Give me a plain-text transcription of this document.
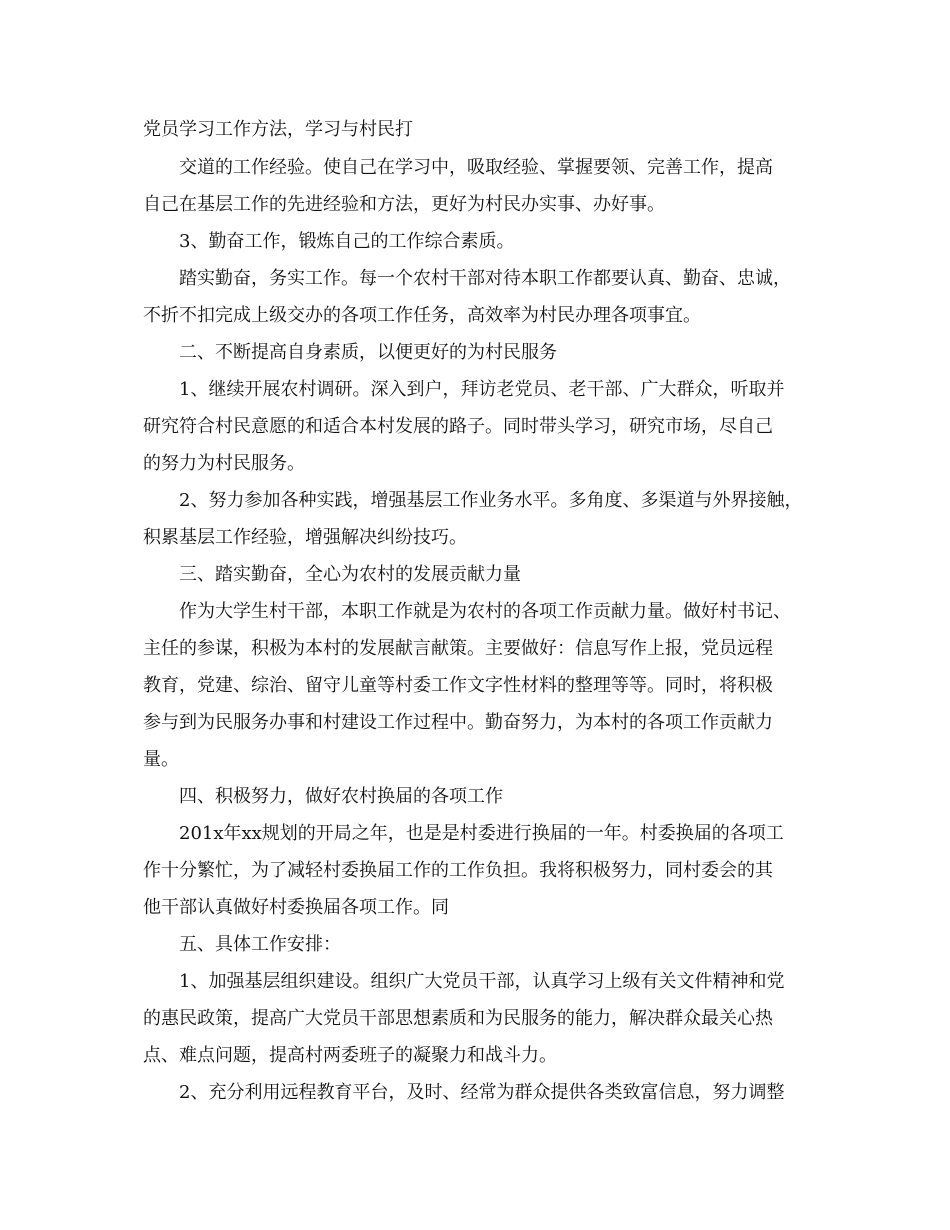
党员学习工作方法，学习与村民打
交道的工作经验。使自己在学习中，吸取经验、掌握要领、完善工作，提高
自己在基层工作的先进经验和方法，更好为村民办实事、办好事。
3、勤奋工作，锻炼自己的工作综合素质。
踏实勤奋，务实工作。每一个农村干部对待本职工作都要认真、勤奋、忠诚，
不折不扣完成上级交办的各项工作任务，高效率为村民办理各项事宜。
二、不断提高自身素质，以便更好的为村民服务
1、继续开展农村调研。深入到户，拜访老党员、老干部、广大群众，听取并
研究符合村民意愿的和适合本村发展的路子。同时带头学习，研究市场，尽自己
的努力为村民服务。
2、努力参加各种实践，增强基层工作业务水平。多角度、多渠道与外界接触，
积累基层工作经验，增强解决纠纷技巧。
三、踏实勤奋，全心为农村的发展贡献力量
作为大学生村干部，本职工作就是为农村的各项工作贡献力量。做好村书记、
主任的参谋，积极为本村的发展献言献策。主要做好：信息写作上报，党员远程
教育，党建、综治、留守儿童等村委工作文字性材料的整理等等。同时，将积极
参与到为民服务办事和村建设工作过程中。勤奋努力，为本村的各项工作贡献力
量。
四、积极努力，做好农村换届的各项工作
201x年xx规划的开局之年，也是是村委进行换届的一年。村委换届的各项工
作十分繁忙，为了减轻村委换届工作的工作负担。我将积极努力，同村委会的其
他干部认真做好村委换届各项工作。同
五、具体工作安排：
1、加强基层组织建设。组织广大党员干部，认真学习上级有关文件精神和党
的惠民政策，提高广大党员干部思想素质和为民服务的能力，解决群众最关心热
点、难点问题，提高村两委班子的凝聚力和战斗力。
2、充分利用远程教育平台，及时、经常为群众提供各类致富信息，努力调整
